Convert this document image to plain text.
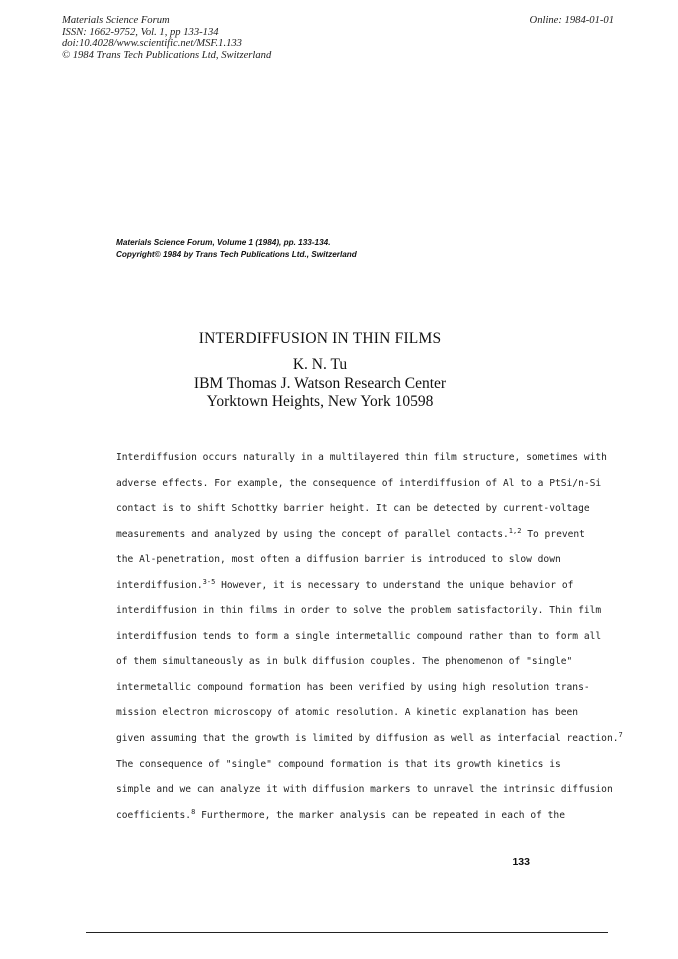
Materials Science Forum
ISSN: 1662-9752, Vol. 1, pp 133-134
doi:10.4028/www.scientific.net/MSF.1.133
© 1984 Trans Tech Publications Ltd, Switzerland
Online: 1984-01-01
Materials Science Forum, Volume 1 (1984), pp. 133-134.
Copyright© 1984 by Trans Tech Publications Ltd., Switzerland
INTERDIFFUSION IN THIN FILMS
K. N. Tu
IBM Thomas J. Watson Research Center
Yorktown Heights, New York 10598
Interdiffusion occurs naturally in a multilayered thin film structure, sometimes with
adverse effects. For example, the consequence of interdiffusion of Al to a PtSi/n-Si
contact is to shift Schottky barrier height. It can be detected by current-voltage
measurements and analyzed by using the concept of parallel contacts.$^{1,2}$ To prevent
the Al-penetration, most often a diffusion barrier is introduced to slow down
interdiffusion.$^{3-5}$ However, it is necessary to understand the unique behavior of
interdiffusion in thin films in order to solve the problem satisfactorily. Thin film
interdiffusion tends to form a single intermetallic compound rather than to form all
of them simultaneously as in bulk diffusion couples. The phenomenon of "single"
intermetallic compound formation has been verified by using high resolution trans-
mission electron microscopy of atomic resolution. A kinetic explanation has been
given assuming that the growth is limited by diffusion as well as interfacial reaction.$^7$
The consequence of "single" compound formation is that its growth kinetics is
simple and we can analyze it with diffusion markers to unravel the intrinsic diffusion
coefficients.$^8$ Furthermore, the marker analysis can be repeated in each of the
133
